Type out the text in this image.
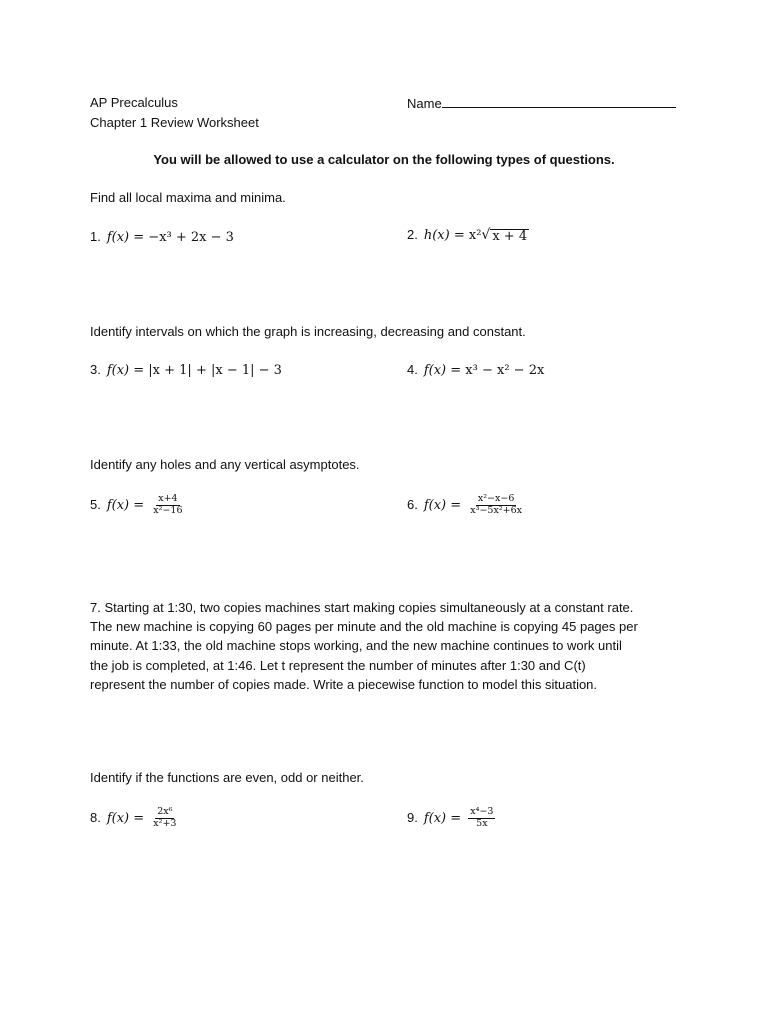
AP Precalculus
Chapter 1 Review Worksheet
Name
You will be allowed to use a calculator on the following types of questions.
Find all local maxima and minima.
1. f(x) = −x³ + 2x − 3	2. h(x) = x² √ x + 4
Identify intervals on which the graph is increasing, decreasing and constant.
3. f(x) = |x + 1| + |x − 1| − 3	4. f(x) = x³ − x² − 2x
Identify any holes and any vertical asymptotes.
5. $f(x) = \frac{x+4}{\text{x²−16}}$	6. $f(x) = \frac{\text{x²−x−6}}{\text{x³−5x²+6x}}$
7. Starting at 1:30, two copies machines start making copies simultaneously at a constant rate.
The new machine is copying 60 pages per minute and the old machine is copying 45 pages per
minute. At 1:33, the old machine stops working, and the new machine continues to work until
the job is completed, at 1:46. Let t represent the number of minutes after 1:30 and C(t)
represent the number of copies made. Write a piecewise function to model this situation.
Identify if the functions are even, odd or neither.
8. $f(x) = \frac{\text{2x⁶}}{\text{x²+3}}$	9. $f(x) = \frac{\text{x⁴−3}}{5x}$
